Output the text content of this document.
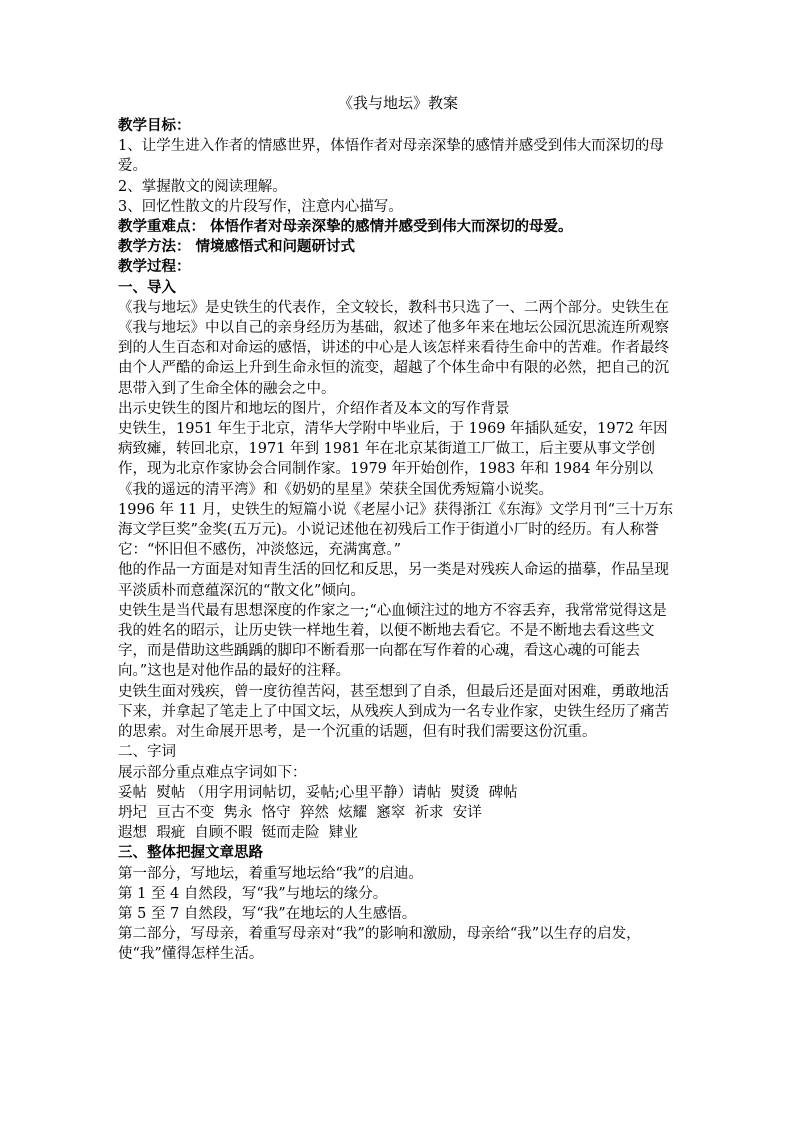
《我与地坛》教案
教学目标：
1、让学生进入作者的情感世界，体悟作者对母亲深挚的感情并感受到伟大而深切的母爱。
2、掌握散文的阅读理解。
3、回忆性散文的片段写作，注意内心描写。
教学重难点： 体悟作者对母亲深挚的感情并感受到伟大而深切的母爱。
教学方法： 情境感悟式和问题研讨式
教学过程：
一、导入
《我与地坛》是史铁生的代表作，全文较长，教科书只选了一、二两个部分。史铁生在《我与地坛》中以自己的亲身经历为基础，叙述了他多年来在地坛公园沉思流连所观察到的人生百态和对命运的感悟，讲述的中心是人该怎样来看待生命中的苦难。作者最终由个人严酷的命运上升到生命永恒的流变，超越了个体生命中有限的必然，把自己的沉思带入到了生命全体的融会之中。
出示史铁生的图片和地坛的图片，介绍作者及本文的写作背景
史铁生，1951 年生于北京，清华大学附中毕业后，于 1969 年插队延安，1972 年因病致瘫，转回北京，1971 年到 1981 年在北京某街道工厂做工，后主要从事文学创作，现为北京作家协会合同制作家。1979 年开始创作，1983 年和 1984 年分别以《我的遥远的清平湾》和《奶奶的星星》荣获全国优秀短篇小说奖。
1996 年 11 月，史铁生的短篇小说《老屋小记》获得浙江《东海》文学月刊“三十万东海文学巨奖”金奖(五万元)。小说记述他在初残后工作于街道小厂时的经历。有人称誉它：“怀旧但不感伤，冲淡悠远，充满寓意。”
他的作品一方面是对知青生活的回忆和反思，另一类是对残疾人命运的描摹，作品呈现平淡质朴而意蕴深沉的“散文化”倾向。
史铁生是当代最有思想深度的作家之一;“心血倾注过的地方不容丢弃，我常常觉得这是我的姓名的昭示，让历史铁一样地生着，以便不断地去看它。不是不断地去看这些文字，而是借助这些踽踽的脚印不断看那一向都在写作着的心魂，看这心魂的可能去向。”这也是对他作品的最好的注释。
史铁生面对残疾，曾一度彷徨苦闷，甚至想到了自杀，但最后还是面对困难，勇敢地活下来，并拿起了笔走上了中国文坛，从残疾人到成为一名专业作家，史铁生经历了痛苦的思索。对生命展开思考，是一个沉重的话题，但有时我们需要这份沉重。
二、字词
展示部分重点难点字词如下：
妥帖  熨帖 （用字用词帖切，妥帖;心里平静）请帖  熨烫  碑帖
坍圮  亘古不变  隽永  恪守  猝然  炫耀  窸窣  祈求  安详
遐想  瑕疵  自顾不暇  铤而走险  肄业
三、整体把握文章思路
第一部分，写地坛，着重写地坛给“我”的启迪。
第 1 至 4 自然段，写“我”与地坛的缘分。
第 5 至 7 自然段，写“我”在地坛的人生感悟。
第二部分，写母亲，着重写母亲对“我”的影响和激励，母亲给“我”以生存的启发，使“我”懂得怎样生活。
